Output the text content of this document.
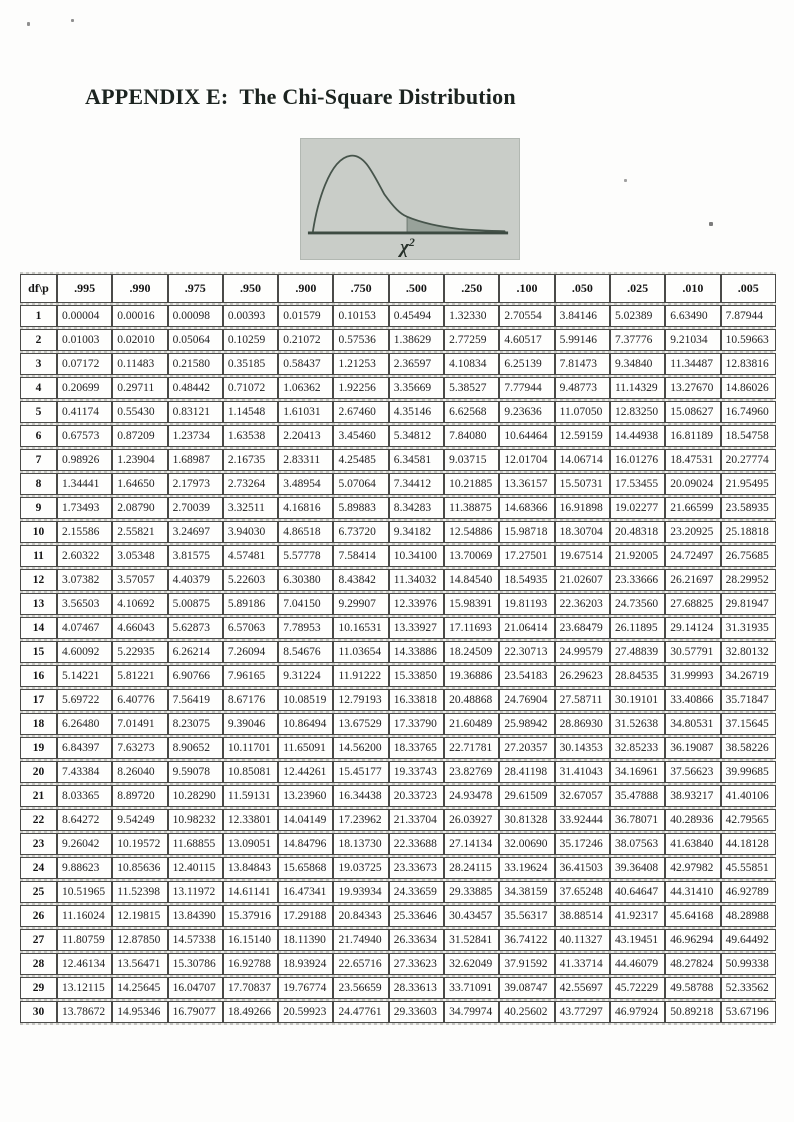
APPENDIX E:  The Chi-Square Distribution
$\chi^2$
df\p	.995	.990	.975	.950	.900	.750	.500	.250	.100	.050	.025	.010	.005
1	0.00004	0.00016	0.00098	0.00393	0.01579	0.10153	0.45494	1.32330	2.70554	3.84146	5.02389	6.63490	7.87944
2	0.01003	0.02010	0.05064	0.10259	0.21072	0.57536	1.38629	2.77259	4.60517	5.99146	7.37776	9.21034	10.59663
3	0.07172	0.11483	0.21580	0.35185	0.58437	1.21253	2.36597	4.10834	6.25139	7.81473	9.34840	11.34487	12.83816
4	0.20699	0.29711	0.48442	0.71072	1.06362	1.92256	3.35669	5.38527	7.77944	9.48773	11.14329	13.27670	14.86026
5	0.41174	0.55430	0.83121	1.14548	1.61031	2.67460	4.35146	6.62568	9.23636	11.07050	12.83250	15.08627	16.74960
6	0.67573	0.87209	1.23734	1.63538	2.20413	3.45460	5.34812	7.84080	10.64464	12.59159	14.44938	16.81189	18.54758
7	0.98926	1.23904	1.68987	2.16735	2.83311	4.25485	6.34581	9.03715	12.01704	14.06714	16.01276	18.47531	20.27774
8	1.34441	1.64650	2.17973	2.73264	3.48954	5.07064	7.34412	10.21885	13.36157	15.50731	17.53455	20.09024	21.95495
9	1.73493	2.08790	2.70039	3.32511	4.16816	5.89883	8.34283	11.38875	14.68366	16.91898	19.02277	21.66599	23.58935
10	2.15586	2.55821	3.24697	3.94030	4.86518	6.73720	9.34182	12.54886	15.98718	18.30704	20.48318	23.20925	25.18818
11	2.60322	3.05348	3.81575	4.57481	5.57778	7.58414	10.34100	13.70069	17.27501	19.67514	21.92005	24.72497	26.75685
12	3.07382	3.57057	4.40379	5.22603	6.30380	8.43842	11.34032	14.84540	18.54935	21.02607	23.33666	26.21697	28.29952
13	3.56503	4.10692	5.00875	5.89186	7.04150	9.29907	12.33976	15.98391	19.81193	22.36203	24.73560	27.68825	29.81947
14	4.07467	4.66043	5.62873	6.57063	7.78953	10.16531	13.33927	17.11693	21.06414	23.68479	26.11895	29.14124	31.31935
15	4.60092	5.22935	6.26214	7.26094	8.54676	11.03654	14.33886	18.24509	22.30713	24.99579	27.48839	30.57791	32.80132
16	5.14221	5.81221	6.90766	7.96165	9.31224	11.91222	15.33850	19.36886	23.54183	26.29623	28.84535	31.99993	34.26719
17	5.69722	6.40776	7.56419	8.67176	10.08519	12.79193	16.33818	20.48868	24.76904	27.58711	30.19101	33.40866	35.71847
18	6.26480	7.01491	8.23075	9.39046	10.86494	13.67529	17.33790	21.60489	25.98942	28.86930	31.52638	34.80531	37.15645
19	6.84397	7.63273	8.90652	10.11701	11.65091	14.56200	18.33765	22.71781	27.20357	30.14353	32.85233	36.19087	38.58226
20	7.43384	8.26040	9.59078	10.85081	12.44261	15.45177	19.33743	23.82769	28.41198	31.41043	34.16961	37.56623	39.99685
21	8.03365	8.89720	10.28290	11.59131	13.23960	16.34438	20.33723	24.93478	29.61509	32.67057	35.47888	38.93217	41.40106
22	8.64272	9.54249	10.98232	12.33801	14.04149	17.23962	21.33704	26.03927	30.81328	33.92444	36.78071	40.28936	42.79565
23	9.26042	10.19572	11.68855	13.09051	14.84796	18.13730	22.33688	27.14134	32.00690	35.17246	38.07563	41.63840	44.18128
24	9.88623	10.85636	12.40115	13.84843	15.65868	19.03725	23.33673	28.24115	33.19624	36.41503	39.36408	42.97982	45.55851
25	10.51965	11.52398	13.11972	14.61141	16.47341	19.93934	24.33659	29.33885	34.38159	37.65248	40.64647	44.31410	46.92789
26	11.16024	12.19815	13.84390	15.37916	17.29188	20.84343	25.33646	30.43457	35.56317	38.88514	41.92317	45.64168	48.28988
27	11.80759	12.87850	14.57338	16.15140	18.11390	21.74940	26.33634	31.52841	36.74122	40.11327	43.19451	46.96294	49.64492
28	12.46134	13.56471	15.30786	16.92788	18.93924	22.65716	27.33623	32.62049	37.91592	41.33714	44.46079	48.27824	50.99338
29	13.12115	14.25645	16.04707	17.70837	19.76774	23.56659	28.33613	33.71091	39.08747	42.55697	45.72229	49.58788	52.33562
30	13.78672	14.95346	16.79077	18.49266	20.59923	24.47761	29.33603	34.79974	40.25602	43.77297	46.97924	50.89218	53.67196
